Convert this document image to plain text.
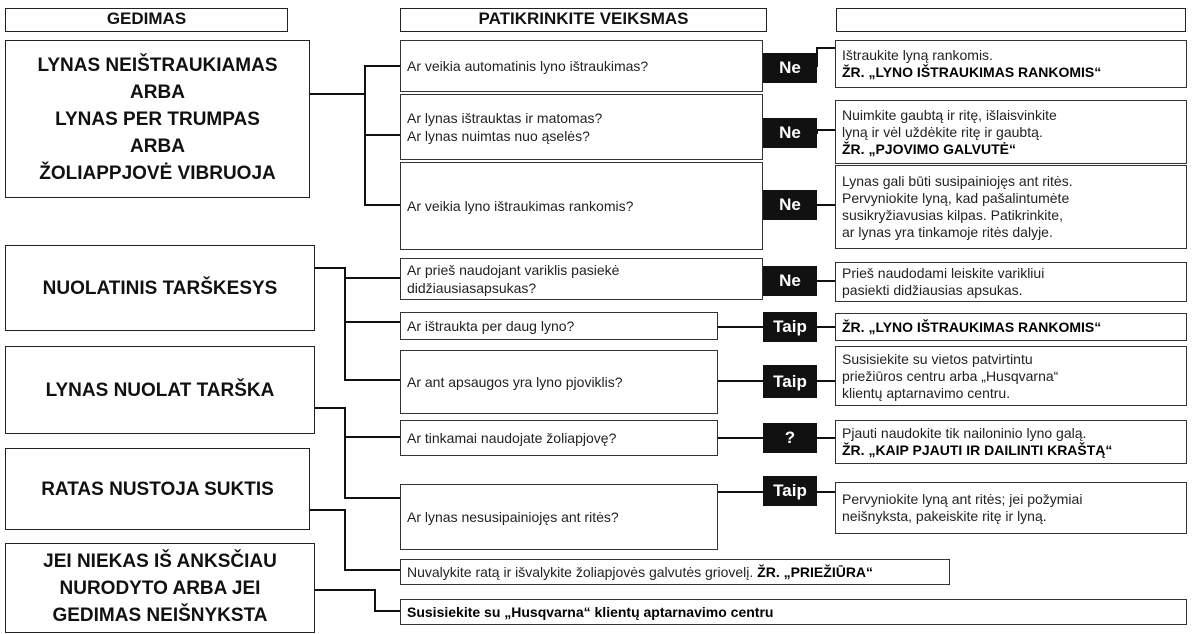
GEDIMAS	PATIKRINKITE VEIKSMAS
LYNAS NEIŠTRAUKIAMAS
ARBA
LYNAS PER TRUMPAS
ARBA
ŽOLIAPPJOVĖ VIBRUOJA
NUOLATINIS TARŠKESYS
LYNAS NUOLAT TARŠKA
RATAS NUSTOJA SUKTIS
JEI NIEKAS IŠ ANKSČIAU
NURODYTO ARBA JEI
GEDIMAS NEIŠNYKSTA
Ar veikia automatinis lyno ištraukimas?
Ar lynas ištrauktas ir matomas?
Ar lynas nuimtas nuo ąselės?
Ar veikia lyno ištraukimas rankomis?
Ar prieš naudojant variklis pasiekė
didžiausiasapsukas?
Ar ištraukta per daug lyno?
Ar ant apsaugos yra lyno pjoviklis?
Ar tinkamai naudojate žoliapjovę?
Ar lynas nesusipainiojęs ant ritės?
Ne
Ne
Ne
Ne
Taip
Taip
?
Taip
Ištraukite lyną rankomis.
ŽR. „LYNO IŠTRAUKIMAS RANKOMIS“
Nuimkite gaubtą ir ritę, išlaisvinkite
lyną ir vėl uždėkite ritę ir gaubtą.
ŽR. „PJOVIMO GALVUTĖ“
Lynas gali būti susipainiojęs ant ritės.
Pervyniokite lyną, kad pašalintumėte
susikryžiavusias kilpas. Patikrinkite,
ar lynas yra tinkamoje ritės dalyje.
Prieš naudodami leiskite varikliui
pasiekti didžiausias apsukas.
ŽR. „LYNO IŠTRAUKIMAS RANKOMIS“
Susisiekite su vietos patvirtintu
priežiūros centru arba „Husqvarna“
klientų aptarnavimo centru.
Pjauti naudokite tik nailoninio lyno galą.
ŽR. „KAIP PJAUTI IR DAILINTI KRAŠTĄ“
Pervyniokite lyną ant ritės; jei požymiai
neišnyksta, pakeiskite ritę ir lyną.
Nuvalykite ratą ir išvalykite žoliapjovės galvutės griovelį. ŽR. „PRIEŽIŪRA“
Susisiekite su „Husqvarna“ klientų aptarnavimo centru
